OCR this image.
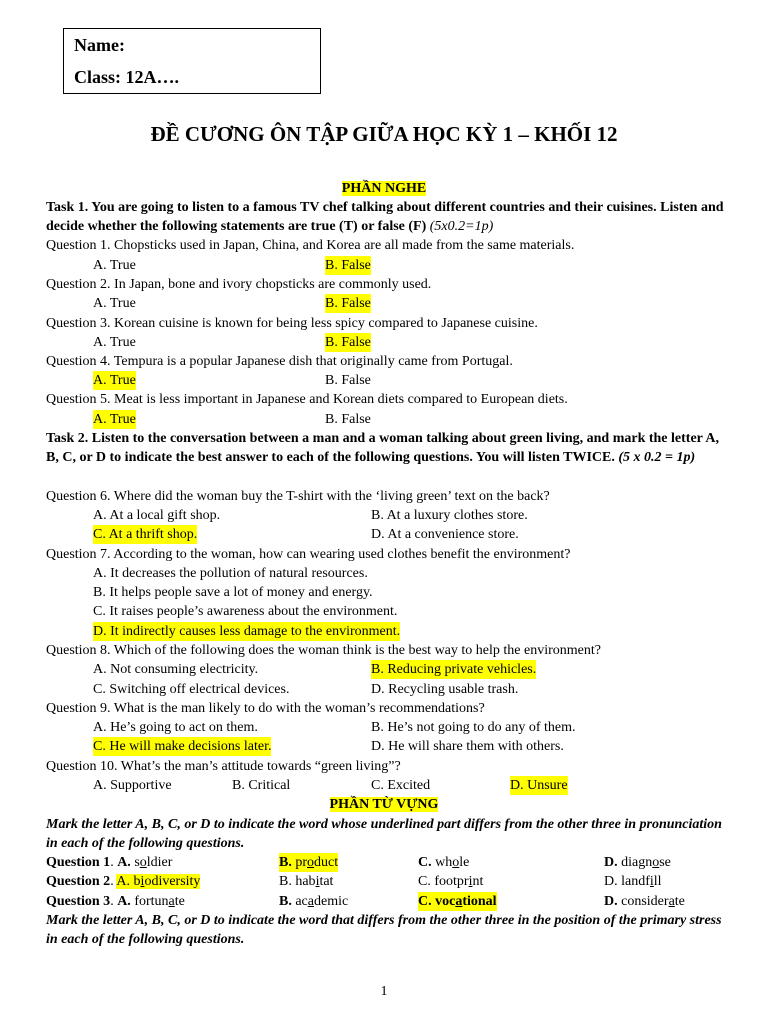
Name:
Class: 12A….
ĐỀ CƯƠNG ÔN TẬP GIỮA HỌC KỲ 1 – KHỐI 12
PHẦN NGHE
Task 1. You are going to listen to a famous TV chef talking about different countries and their cuisines. Listen and decide whether the following statements are true (T) or false (F) (5x0.2=1p)
Question 1. Chopsticks used in Japan, China, and Korea are all made from the same materials.
A. True	B. False
Question 2. In Japan, bone and ivory chopsticks are commonly used.
A. True	B. False
Question 3. Korean cuisine is known for being less spicy compared to Japanese cuisine.
A. True	B. False
Question 4. Tempura is a popular Japanese dish that originally came from Portugal.
A. True	B. False
Question 5. Meat is less important in Japanese and Korean diets compared to European diets.
A. True	B. False
Task 2. Listen to the conversation between a man and a woman talking about green living, and mark the letter A, B, C, or D to indicate the best answer to each of the following questions. You will listen TWICE. (5 x 0.2 = 1p)
Question 6. Where did the woman buy the T-shirt with the ‘living green’ text on the back?
A. At a local gift shop.	B. At a luxury clothes store.
C. At a thrift shop.	D. At a convenience store.
Question 7. According to the woman, how can wearing used clothes benefit the environment?
A. It decreases the pollution of natural resources.
B. It helps people save a lot of money and energy.
C. It raises people’s awareness about the environment.
D. It indirectly causes less damage to the environment.
Question 8. Which of the following does the woman think is the best way to help the environment?
A. Not consuming electricity.	B. Reducing private vehicles.
C. Switching off electrical devices.	D. Recycling usable trash.
Question 9. What is the man likely to do with the woman’s recommendations?
A. He’s going to act on them.	B. He’s not going to do any of them.
C. He will make decisions later.	D. He will share them with others.
Question 10. What’s the man’s attitude towards “green living”?
A. Supportive	B. Critical	C. Excited	D. Unsure
PHẦN TỪ VỰNG
Mark the letter A, B, C, or D to indicate the word whose underlined part differs from the other three in pronunciation in each of the following questions.
Question 1. A. soldier	B. product	C. whole	D. diagnose
Question 2. A. biodiversity	B. habitat	C. footprint	D. landfill
Question 3. A. fortunate	B. academic	C. vocational	D. considerate
Mark the letter A, B, C, or D to indicate the word that differs from the other three in the position of the primary stress in each of the following questions.
1
